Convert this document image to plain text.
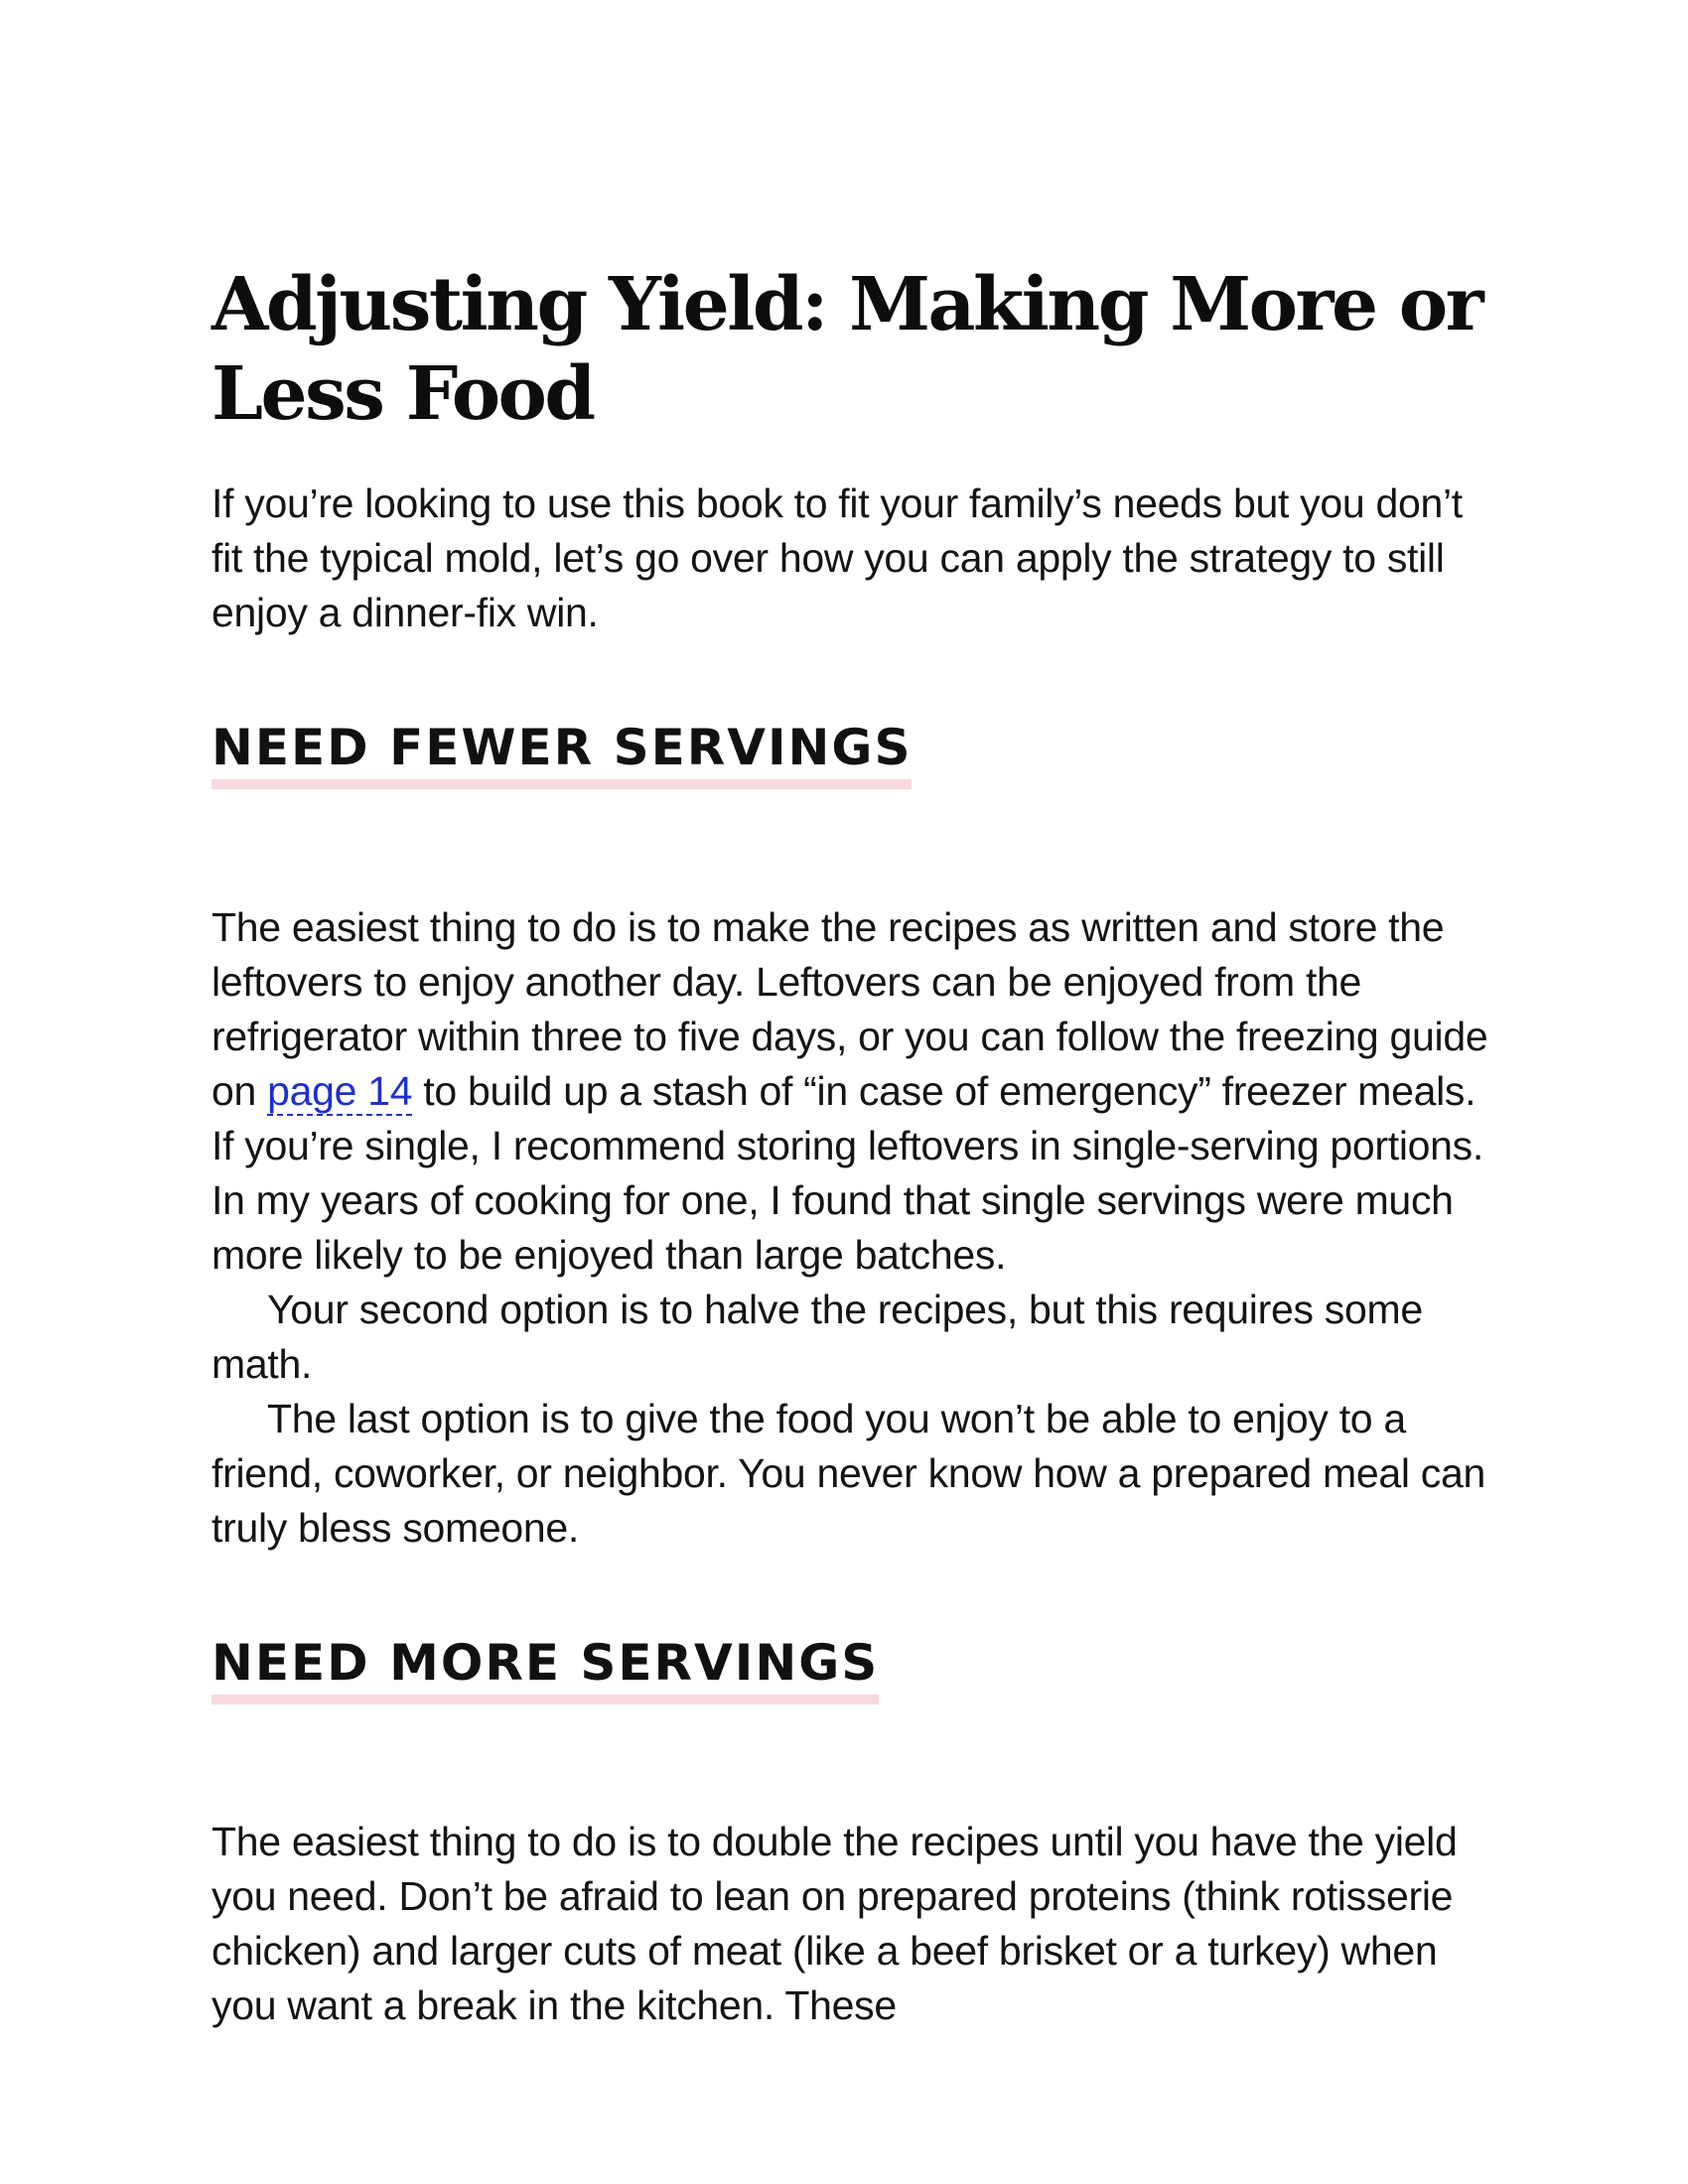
Adjusting Yield: Making More or Less Food

If you’re looking to use this book to fit your family’s needs but you don’t fit the typical mold, let’s go over how you can apply the strategy to still enjoy a dinner-fix win.

NEED FEWER SERVINGS

The easiest thing to do is to make the recipes as written and store the leftovers to enjoy another day. Leftovers can be enjoyed from the refrigerator within three to five days, or you can follow the freezing guide on page 14 to build up a stash of “in case of emergency” freezer meals. If you’re single, I recommend storing leftovers in single-serving portions. In my years of cooking for one, I found that single servings were much more likely to be enjoyed than large batches.

Your second option is to halve the recipes, but this requires some math.

The last option is to give the food you won’t be able to enjoy to a friend, coworker, or neighbor. You never know how a prepared meal can truly bless someone.

NEED MORE SERVINGS

The easiest thing to do is to double the recipes until you have the yield you need. Don’t be afraid to lean on prepared proteins (think rotisserie chicken) and larger cuts of meat (like a beef brisket or a turkey) when you want a break in the kitchen. These
